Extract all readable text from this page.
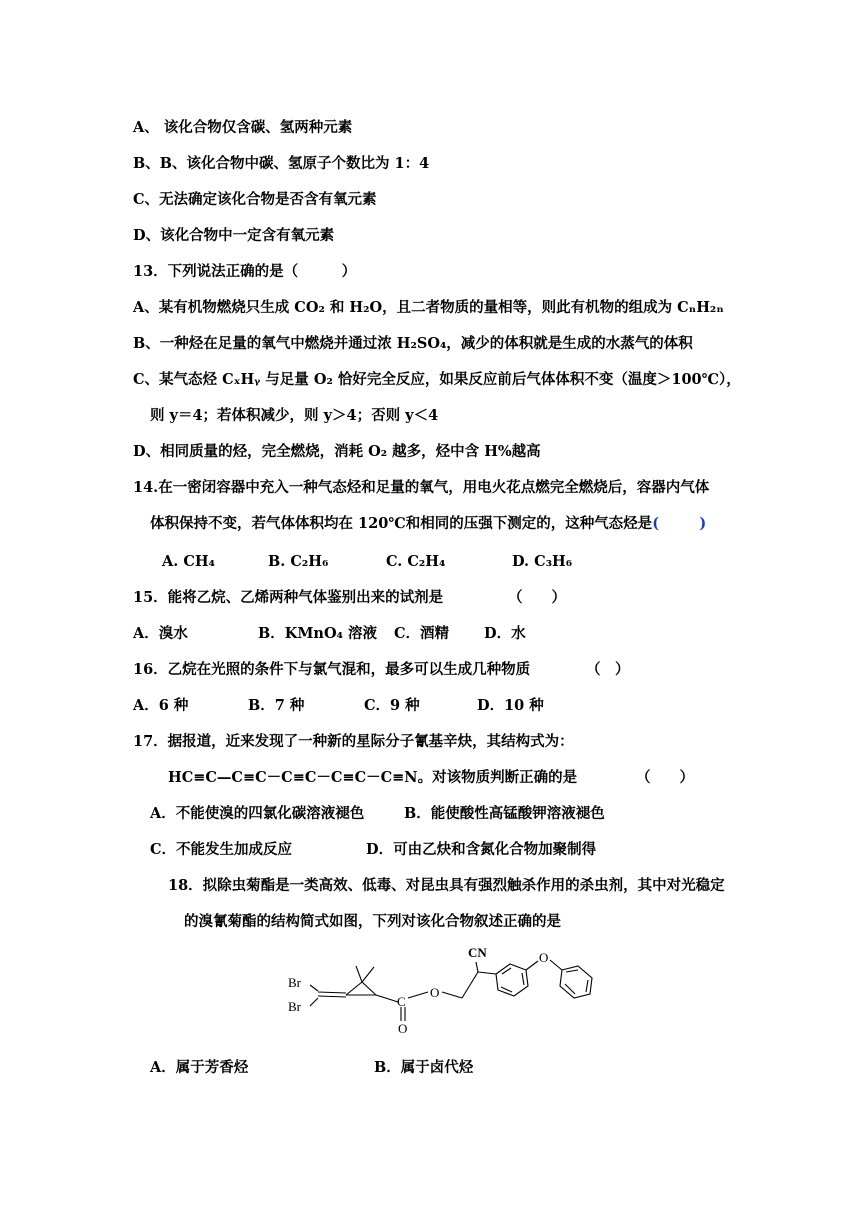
A、 该化合物仅含碳、氢两种元素
B、B、该化合物中碳、氢原子个数比为 1：4
C、无法确定该化合物是否含有氧元素
D、该化合物中一定含有氧元素
13．下列说法正确的是（　　　）
A、某有机物燃烧只生成 CO₂ 和 H₂O，且二者物质的量相等，则此有机物的组成为 CₙH₂ₙ
B、一种烃在足量的氧气中燃烧并通过浓 H₂SO₄，减少的体积就是生成的水蒸气的体积
C、某气态烃 CₓHᵧ 与足量 O₂ 恰好完全反应，如果反应前后气体体积不变（温度＞100℃），
则 y＝4；若体积减少，则 y＞4；否则 y＜4
D、相同质量的烃，完全燃烧，消耗 O₂ 越多，烃中含 H%越高
14.在一密闭容器中充入一种气态烃和足量的氧气，用电火花点燃完全燃烧后，容器内气体
体积保持不变，若气体体积均在 120℃和相同的压强下测定的，这种气态烃是(        )
A. CH₄	B. C₂H₆	C. C₂H₄	D. C₃H₆
15．能将乙烷、乙烯两种气体鉴别出来的试剂是	（　　）
A．溴水	B．KMnO₄ 溶液 C．酒精 D．水
16．乙烷在光照的条件下与氯气混和，最多可以生成几种物质	（　）
A．6 种	B．7 种	C．9 种	D．10 种
17．据报道，近来发现了一种新的星际分子氰基辛炔，其结构式为：
HC≡C—C≡C－C≡C－C≡C－C≡N。对该物质判断正确的是	（　　）
A．不能使溴的四氯化碳溶液褪色	B．能使酸性高锰酸钾溶液褪色
C．不能发生加成反应	D．可由乙炔和含氮化合物加聚制得
18．拟除虫菊酯是一类高效、低毒、对昆虫具有强烈触杀作用的杀虫剂，其中对光稳定
的溴氰菊酯的结构简式如图，下列对该化合物叙述正确的是
Br
Br	C
O
O
CN	O
A．属于芳香烃	B．属于卤代烃
